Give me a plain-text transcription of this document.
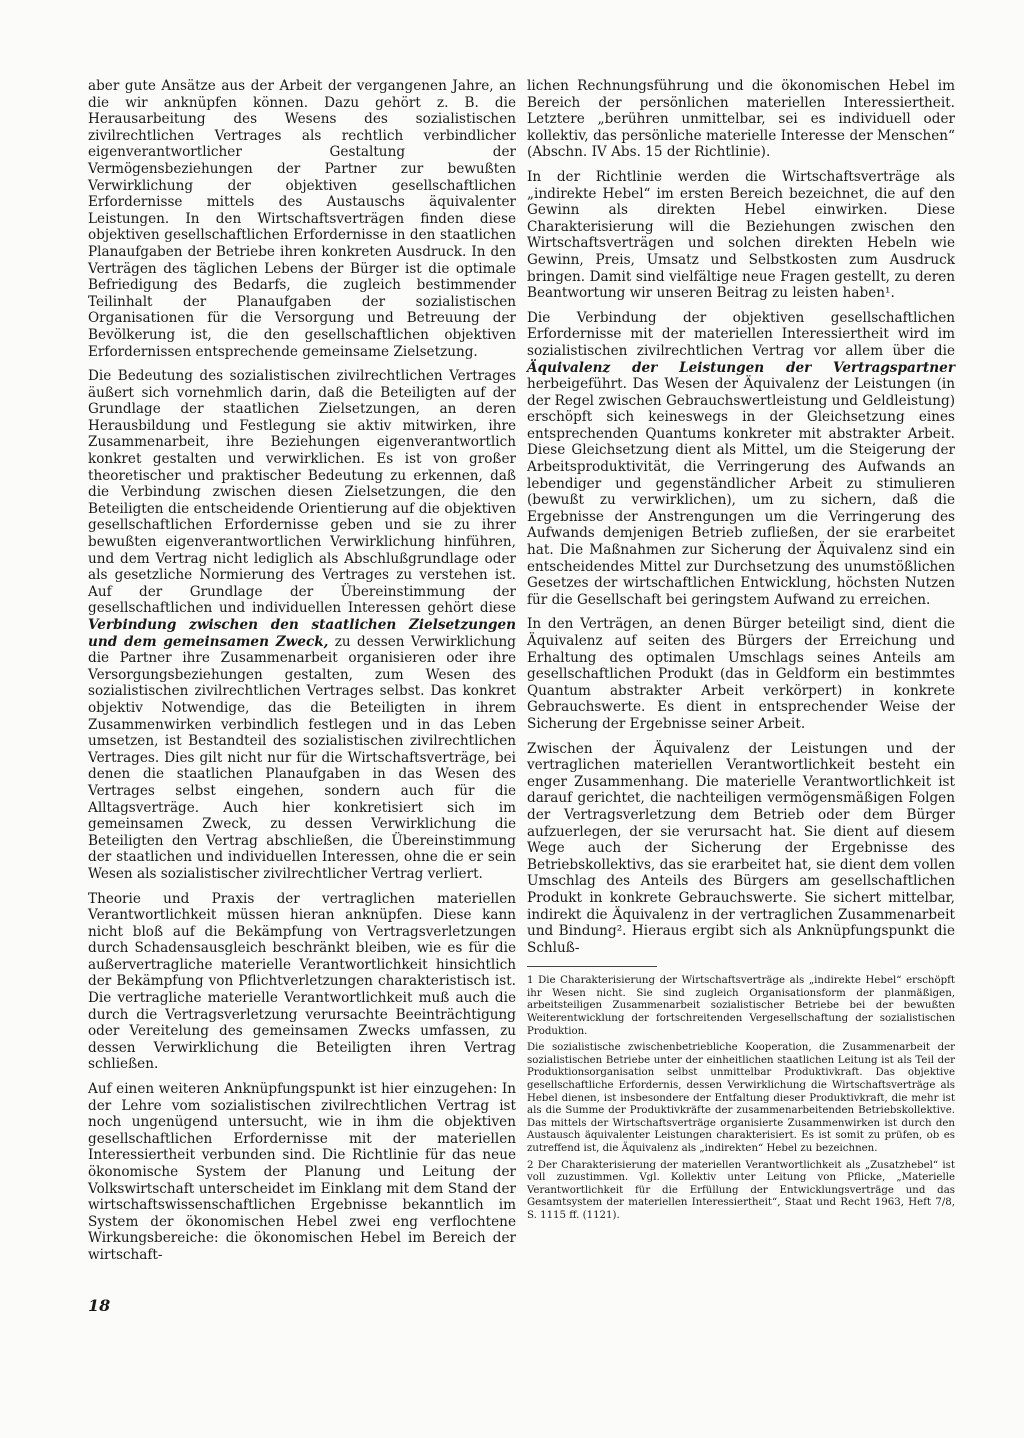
aber gute Ansätze aus der Arbeit der vergangenen Jahre, an die wir anknüpfen können. Dazu gehört z. B. die Herausarbeitung des Wesens des sozialistischen zivilrechtlichen Vertrages als rechtlich verbindlicher eigenverantwortlicher Gestaltung der Vermögensbeziehungen der Partner zur bewußten Verwirklichung der objektiven gesellschaftlichen Erfordernisse mittels des Austauschs äquivalenter Leistungen. In den Wirtschaftsverträgen finden diese objektiven gesellschaftlichen Erfordernisse in den staatlichen Planaufgaben der Betriebe ihren konkreten Ausdruck. In den Verträgen des täglichen Lebens der Bürger ist die optimale Befriedigung des Bedarfs, die zugleich bestimmender Teilinhalt der Planaufgaben der sozialistischen Organisationen für die Versorgung und Betreuung der Bevölkerung ist, die den gesellschaftlichen objektiven Erfordernissen entsprechende gemeinsame Zielsetzung.

Die Bedeutung des sozialistischen zivilrechtlichen Vertrages äußert sich vornehmlich darin, daß die Beteiligten auf der Grundlage der staatlichen Zielsetzungen, an deren Herausbildung und Festlegung sie aktiv mitwirken, ihre Zusammenarbeit, ihre Beziehungen eigenverantwortlich konkret gestalten und verwirklichen. Es ist von großer theoretischer und praktischer Bedeutung zu erkennen, daß die Verbindung zwischen diesen Zielsetzungen, die den Beteiligten die entscheidende Orientierung auf die objektiven gesellschaftlichen Erfordernisse geben und sie zu ihrer bewußten eigenverantwortlichen Verwirklichung hinführen, und dem Vertrag nicht lediglich als Abschlußgrundlage oder als gesetzliche Normierung des Vertrages zu verstehen ist. Auf der Grundlage der Übereinstimmung der gesellschaftlichen und individuellen Interessen gehört diese Verbindung zwischen den staatlichen Zielsetzungen und dem gemeinsamen Zweck, zu dessen Verwirklichung die Partner ihre Zusammenarbeit organisieren oder ihre Versorgungsbeziehungen gestalten, zum Wesen des sozialistischen zivilrechtlichen Vertrages selbst. Das konkret objektiv Notwendige, das die Beteiligten in ihrem Zusammenwirken verbindlich festlegen und in das Leben umsetzen, ist Bestandteil des sozialistischen zivilrechtlichen Vertrages. Dies gilt nicht nur für die Wirtschaftsverträge, bei denen die staatlichen Planaufgaben in das Wesen des Vertrages selbst eingehen, sondern auch für die Alltagsverträge. Auch hier konkretisiert sich im gemeinsamen Zweck, zu dessen Verwirklichung die Beteiligten den Vertrag abschließen, die Übereinstimmung der staatlichen und individuellen Interessen, ohne die er sein Wesen als sozialistischer zivilrechtlicher Vertrag verliert.

Theorie und Praxis der vertraglichen materiellen Verantwortlichkeit müssen hieran anknüpfen. Diese kann nicht bloß auf die Bekämpfung von Vertragsverletzungen durch Schadensausgleich beschränkt bleiben, wie es für die außervertragliche materielle Verantwortlichkeit hinsichtlich der Bekämpfung von Pflichtverletzungen charakteristisch ist. Die vertragliche materielle Verantwortlichkeit muß auch die durch die Vertragsverletzung verursachte Beeinträchtigung oder Vereitelung des gemeinsamen Zwecks umfassen, zu dessen Verwirklichung die Beteiligten ihren Vertrag schließen.

Auf einen weiteren Anknüpfungspunkt ist hier einzugehen: In der Lehre vom sozialistischen zivilrechtlichen Vertrag ist noch ungenügend untersucht, wie in ihm die objektiven gesellschaftlichen Erfordernisse mit der materiellen Interessiertheit verbunden sind. Die Richtlinie für das neue ökonomische System der Planung und Leitung der Volkswirtschaft unterscheidet im Einklang mit dem Stand der wirtschaftswissenschaftlichen Ergebnisse bekanntlich im System der ökonomischen Hebel zwei eng verflochtene Wirkungsbereiche: die ökonomischen Hebel im Bereich der wirtschaft-

lichen Rechnungsführung und die ökonomischen Hebel im Bereich der persönlichen materiellen Interessiertheit. Letztere „berühren unmittelbar, sei es individuell oder kollektiv, das persönliche materielle Interesse der Menschen“ (Abschn. IV Abs. 15 der Richtlinie).

In der Richtlinie werden die Wirtschaftsverträge als „indirekte Hebel“ im ersten Bereich bezeichnet, die auf den Gewinn als direkten Hebel einwirken. Diese Charakterisierung will die Beziehungen zwischen den Wirtschaftsverträgen und solchen direkten Hebeln wie Gewinn, Preis, Umsatz und Selbstkosten zum Ausdruck bringen. Damit sind vielfältige neue Fragen gestellt, zu deren Beantwortung wir unseren Beitrag zu leisten haben¹.

Die Verbindung der objektiven gesellschaftlichen Erfordernisse mit der materiellen Interessiertheit wird im sozialistischen zivilrechtlichen Vertrag vor allem über die Äquivalenz der Leistungen der Vertragspartner herbeigeführt. Das Wesen der Äquivalenz der Leistungen (in der Regel zwischen Gebrauchswertleistung und Geldleistung) erschöpft sich keineswegs in der Gleichsetzung eines entsprechenden Quantums konkreter mit abstrakter Arbeit. Diese Gleichsetzung dient als Mittel, um die Steigerung der Arbeitsproduktivität, die Verringerung des Aufwands an lebendiger und gegenständlicher Arbeit zu stimulieren (bewußt zu verwirklichen), um zu sichern, daß die Ergebnisse der Anstrengungen um die Verringerung des Aufwands demjenigen Betrieb zufließen, der sie erarbeitet hat. Die Maßnahmen zur Sicherung der Äquivalenz sind ein entscheidendes Mittel zur Durchsetzung des unumstößlichen Gesetzes der wirtschaftlichen Entwicklung, höchsten Nutzen für die Gesellschaft bei geringstem Aufwand zu erreichen.

In den Verträgen, an denen Bürger beteiligt sind, dient die Äquivalenz auf seiten des Bürgers der Erreichung und Erhaltung des optimalen Umschlags seines Anteils am gesellschaftlichen Produkt (das in Geldform ein bestimmtes Quantum abstrakter Arbeit verkörpert) in konkrete Gebrauchswerte. Es dient in entsprechender Weise der Sicherung der Ergebnisse seiner Arbeit.

Zwischen der Äquivalenz der Leistungen und der vertraglichen materiellen Verantwortlichkeit besteht ein enger Zusammenhang. Die materielle Verantwortlichkeit ist darauf gerichtet, die nachteiligen vermögensmäßigen Folgen der Vertragsverletzung dem Betrieb oder dem Bürger aufzuerlegen, der sie verursacht hat. Sie dient auf diesem Wege auch der Sicherung der Ergebnisse des Betriebskollektivs, das sie erarbeitet hat, sie dient dem vollen Umschlag des Anteils des Bürgers am gesellschaftlichen Produkt in konkrete Gebrauchswerte. Sie sichert mittelbar, indirekt die Äquivalenz in der vertraglichen Zusammenarbeit und Bindung². Hieraus ergibt sich als Anknüpfungspunkt die Schluß-

1 Die Charakterisierung der Wirtschaftsverträge als „indirekte Hebel“ erschöpft ihr Wesen nicht. Sie sind zugleich Organisationsform der planmäßigen, arbeitsteiligen Zusammenarbeit sozialistischer Betriebe bei der bewußten Weiterentwicklung der fortschreitenden Vergesellschaftung der sozialistischen Produktion.

Die sozialistische zwischenbetriebliche Kooperation, die Zusammenarbeit der sozialistischen Betriebe unter der einheitlichen staatlichen Leitung ist als Teil der Produktionsorganisation selbst unmittelbar Produktivkraft. Das objektive gesellschaftliche Erfordernis, dessen Verwirklichung die Wirtschaftsverträge als Hebel dienen, ist insbesondere der Entfaltung dieser Produktivkraft, die mehr ist als die Summe der Produktivkräfte der zusammenarbeitenden Betriebskollektive. Das mittels der Wirtschaftsverträge organisierte Zusammenwirken ist durch den Austausch äquivalenter Leistungen charakterisiert. Es ist somit zu prüfen, ob es zutreffend ist, die Äquivalenz als „indirekten“ Hebel zu bezeichnen.

2 Der Charakterisierung der materiellen Verantwortlichkeit als „Zusatzhebel“ ist voll zuzustimmen. Vgl. Kollektiv unter Leitung von Pflicke, „Materielle Verantwortlichkeit für die Erfüllung der Entwicklungsverträge und das Gesamtsystem der materiellen Interessiertheit“, Staat und Recht 1963, Heft 7/8, S. 1115 ff. (1121).

18
